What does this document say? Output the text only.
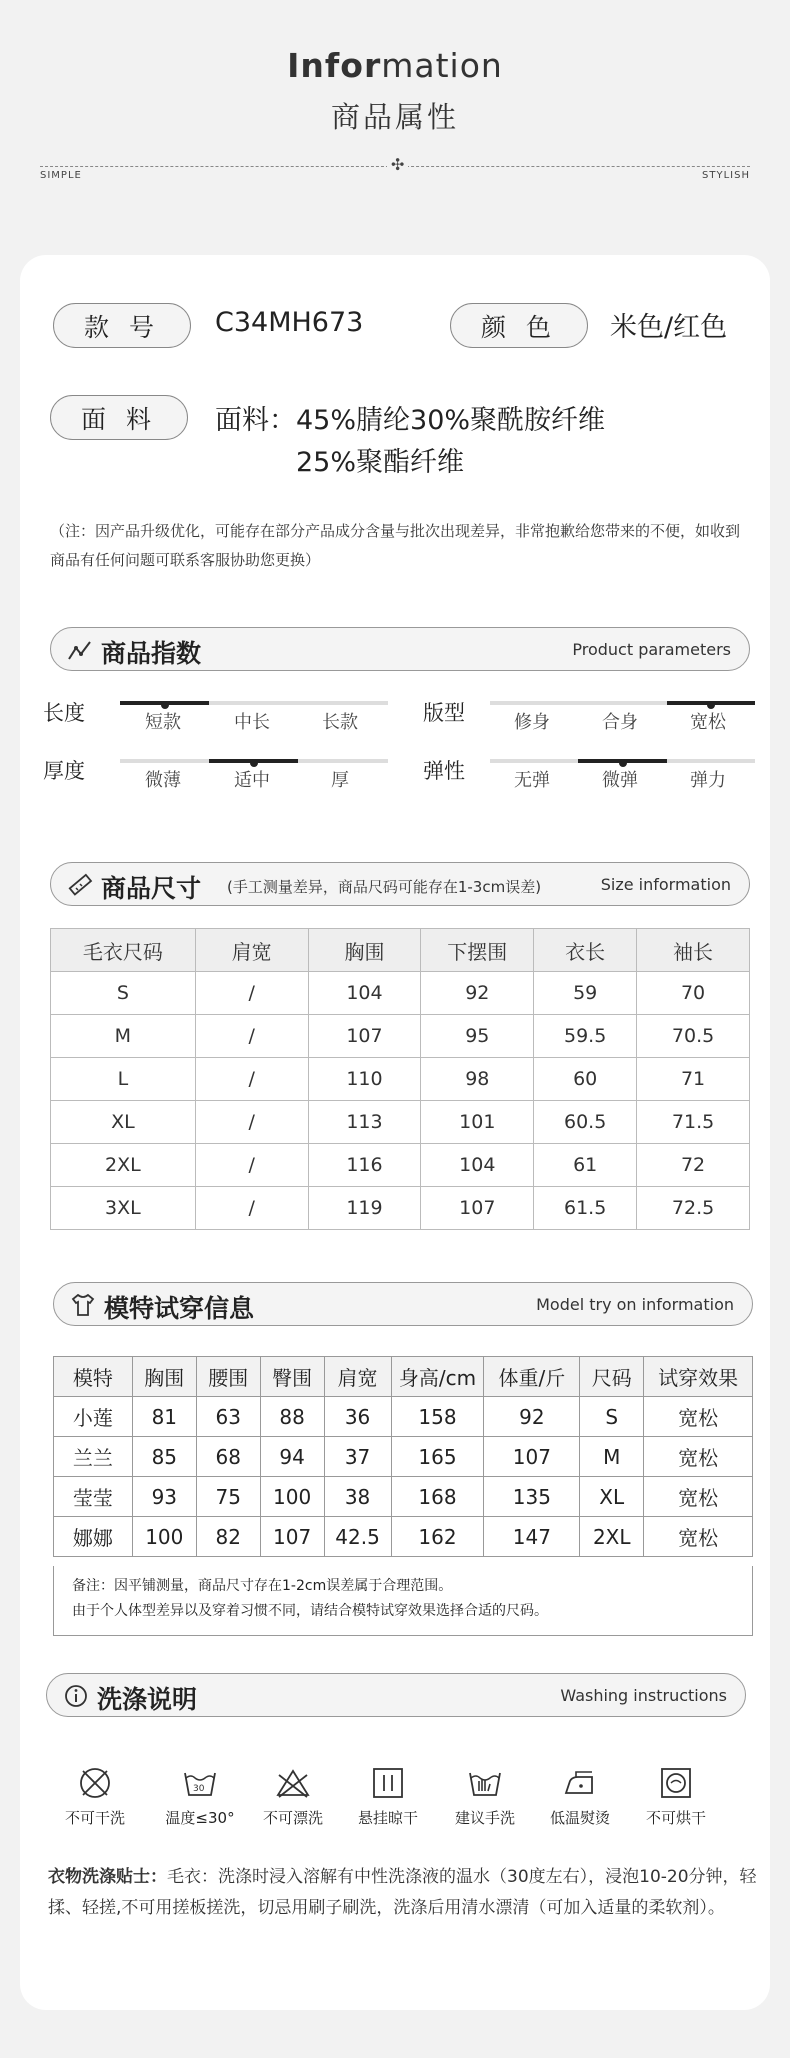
Information
商品属性
✣
SIMPLE	STYLISH
款 号	C34MH673	颜 色	米色/红色
面 料	面料：45%腈纶30%聚酰胺纤维
25%聚酯纤维
（注：因产品升级优化，可能存在部分产品成分含量与批次出现差异，非常抱歉给您带来的不便，如收到商品有任何问题可联系客服协助您更换）
商品指数	Product parameters
长度	短款	中长	长款	版型	修身	合身	宽松
厚度	微薄	适中	厚	弹性	无弹	微弹	弹力
商品尺寸 (手工测量差异，商品尺码可能存在1-3cm误差)	Size information
毛衣尺码	肩宽	胸围	下摆围	衣长	袖长
S	/	104	92	59	70
M	/	107	95	59.5	70.5
L	/	110	98	60	71
XL	/	113	101	60.5	71.5
2XL	/	116	104	61	72
3XL	/	119	107	61.5	72.5
模特试穿信息	Model try on information
模特	胸围	腰围	臀围	肩宽	身高/cm	体重/斤	尺码	试穿效果
小莲	81	63	88	36	158	92	S	宽松
兰兰	85	68	94	37	165	107	M	宽松
莹莹	93	75	100	38	168	135	XL	宽松
娜娜	100	82	107	42.5	162	147	2XL	宽松
备注：因平铺测量，商品尺寸存在1-2cm误差属于合理范围。
由于个人体型差异以及穿着习惯不同，请结合模特试穿效果选择合适的尺码。
洗涤说明	Washing instructions
不可干洗
30
温度≤30°	不可漂洗	悬挂晾干	建议手洗	低温熨烫	不可烘干
衣物洗涤贴士：毛衣：洗涤时浸入溶解有中性洗涤液的温水（30度左右），浸泡10-20分钟，轻揉、轻搓,不可用搓板搓洗，切忌用刷子刷洗，洗涤后用清水漂清（可加入适量的柔软剂）。
